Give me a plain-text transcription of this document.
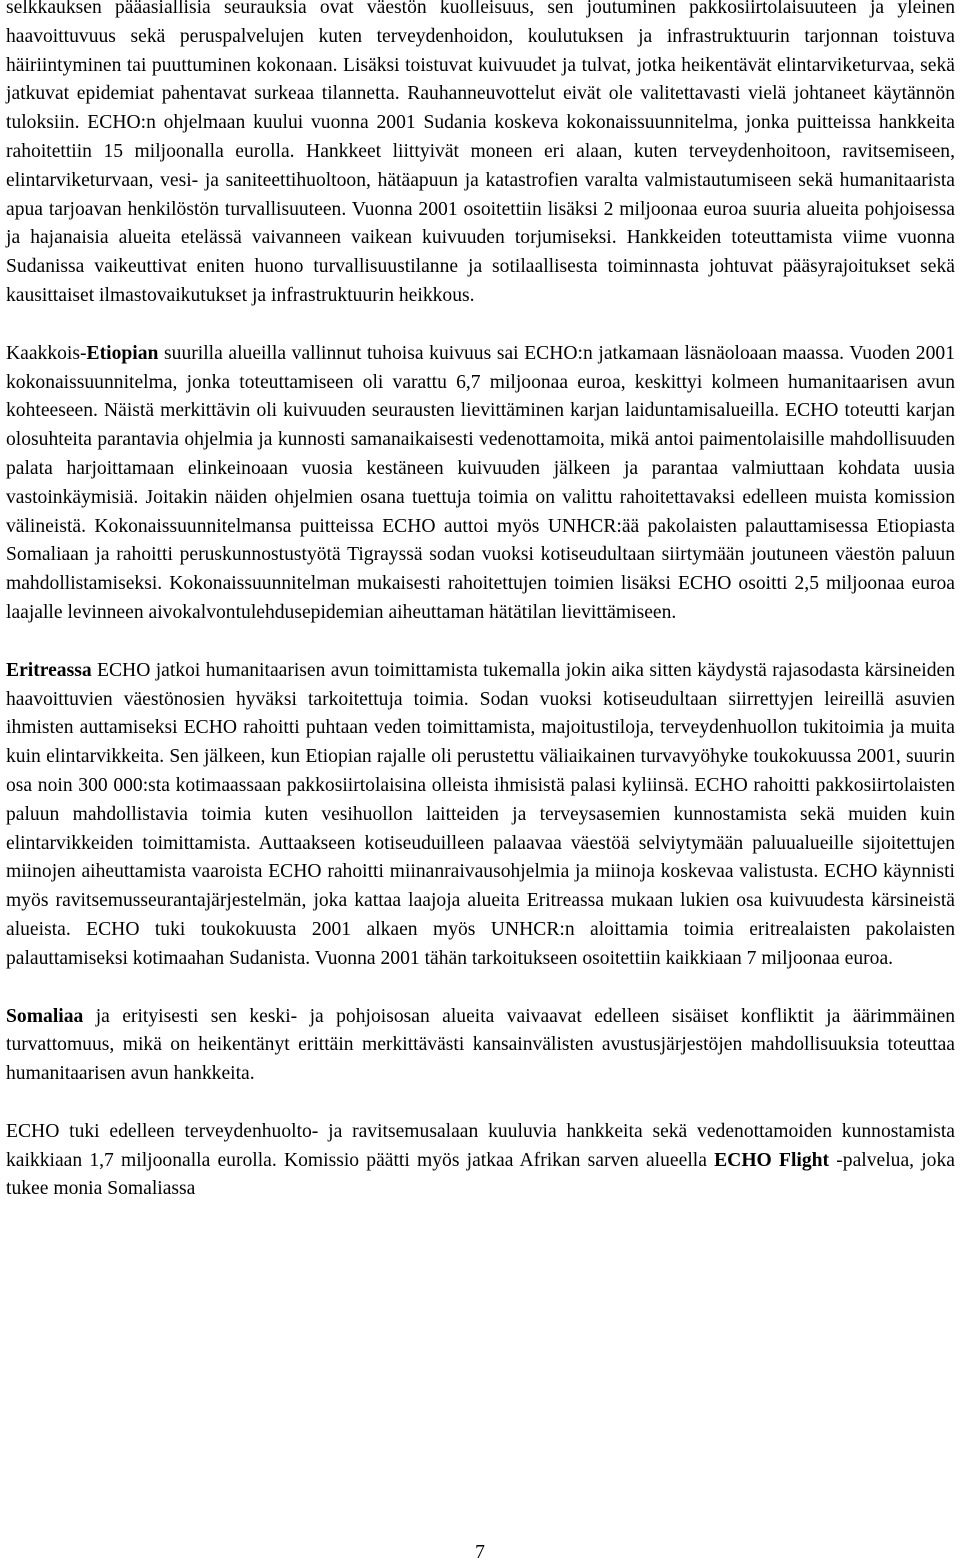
selkkauksen pääasiallisia seurauksia ovat väestön kuolleisuus, sen joutuminen pakkosiirtolaisuuteen ja yleinen haavoittuvuus sekä peruspalvelujen kuten terveydenhoidon, koulutuksen ja infrastruktuurin tarjonnan toistuva häiriintyminen tai puuttuminen kokonaan. Lisäksi toistuvat kuivuudet ja tulvat, jotka heikentävät elintarviketurvaa, sekä jatkuvat epidemiat pahentavat surkeaa tilannetta. Rauhanneuvottelut eivät ole valitettavasti vielä johtaneet käytännön tuloksiin. ECHO:n ohjelmaan kuului vuonna 2001 Sudania koskeva kokonaissuunnitelma, jonka puitteissa hankkeita rahoitettiin 15 miljoonalla eurolla. Hankkeet liittyivät moneen eri alaan, kuten terveydenhoitoon, ravitsemiseen, elintarviketurvaan, vesi- ja saniteettihuoltoon, hätäapuun ja katastrofien varalta valmistautumiseen sekä humanitaarista apua tarjoavan henkilöstön turvallisuuteen. Vuonna 2001 osoitettiin lisäksi 2 miljoonaa euroa suuria alueita pohjoisessa ja hajanaisia alueita etelässä vaivanneen vaikean kuivuuden torjumiseksi. Hankkeiden toteuttamista viime vuonna Sudanissa vaikeuttivat eniten huono turvallisuustilanne ja sotilaallisesta toiminnasta johtuvat pääsyrajoitukset sekä kausittaiset ilmastovaikutukset ja infrastruktuurin heikkous.

Kaakkois-Etiopian suurilla alueilla vallinnut tuhoisa kuivuus sai ECHO:n jatkamaan läsnäoloaan maassa. Vuoden 2001 kokonaissuunnitelma, jonka toteuttamiseen oli varattu 6,7 miljoonaa euroa, keskittyi kolmeen humanitaarisen avun kohteeseen. Näistä merkittävin oli kuivuuden seurausten lievittäminen karjan laiduntamisalueilla. ECHO toteutti karjan olosuhteita parantavia ohjelmia ja kunnosti samanaikaisesti vedenottamoita, mikä antoi paimentolaisille mahdollisuuden palata harjoittamaan elinkeinoaan vuosia kestäneen kuivuuden jälkeen ja parantaa valmiuttaan kohdata uusia vastoinkäymisiä. Joitakin näiden ohjelmien osana tuettuja toimia on valittu rahoitettavaksi edelleen muista komission välineistä. Kokonaissuunnitelmansa puitteissa ECHO auttoi myös UNHCR:ää pakolaisten palauttamisessa Etiopiasta Somaliaan ja rahoitti peruskunnostustyötä Tigrayssä sodan vuoksi kotiseudultaan siirtymään joutuneen väestön paluun mahdollistamiseksi. Kokonaissuunnitelman mukaisesti rahoitettujen toimien lisäksi ECHO osoitti 2,5 miljoonaa euroa laajalle levinneen aivokalvontulehdusepidemian aiheuttaman hätätilan lievittämiseen.

Eritreassa ECHO jatkoi humanitaarisen avun toimittamista tukemalla jokin aika sitten käydystä rajasodasta kärsineiden haavoittuvien väestönosien hyväksi tarkoitettuja toimia. Sodan vuoksi kotiseudultaan siirrettyjen leireillä asuvien ihmisten auttamiseksi ECHO rahoitti puhtaan veden toimittamista, majoitustiloja, terveydenhuollon tukitoimia ja muita kuin elintarvikkeita. Sen jälkeen, kun Etiopian rajalle oli perustettu väliaikainen turvavyöhyke toukokuussa 2001, suurin osa noin 300 000:sta kotimaassaan pakkosiirtolaisina olleista ihmisistä palasi kyliinsä. ECHO rahoitti pakkosiirtolaisten paluun mahdollistavia toimia kuten vesihuollon laitteiden ja terveysasemien kunnostamista sekä muiden kuin elintarvikkeiden toimittamista. Auttaakseen kotiseuduilleen palaavaa väestöä selviytymään paluualueille sijoitettujen miinojen aiheuttamista vaaroista ECHO rahoitti miinanraivausohjelmia ja miinoja koskevaa valistusta. ECHO käynnisti myös ravitsemusseurantajärjestelmän, joka kattaa laajoja alueita Eritreassa mukaan lukien osa kuivuudesta kärsineistä alueista. ECHO tuki toukokuusta 2001 alkaen myös UNHCR:n aloittamia toimia eritrealaisten pakolaisten palauttamiseksi kotimaahan Sudanista. Vuonna 2001 tähän tarkoitukseen osoitettiin kaikkiaan 7 miljoonaa euroa.

Somaliaa ja erityisesti sen keski- ja pohjoisosan alueita vaivaavat edelleen sisäiset konfliktit ja äärimmäinen turvattomuus, mikä on heikentänyt erittäin merkittävästi kansainvälisten avustusjärjestöjen mahdollisuuksia toteuttaa humanitaarisen avun hankkeita.

ECHO tuki edelleen terveydenhuolto- ja ravitsemusalaan kuuluvia hankkeita sekä vedenottamoiden kunnostamista kaikkiaan 1,7 miljoonalla eurolla. Komissio päätti myös jatkaa Afrikan sarven alueella ECHO Flight -palvelua, joka tukee monia Somaliassa

7
